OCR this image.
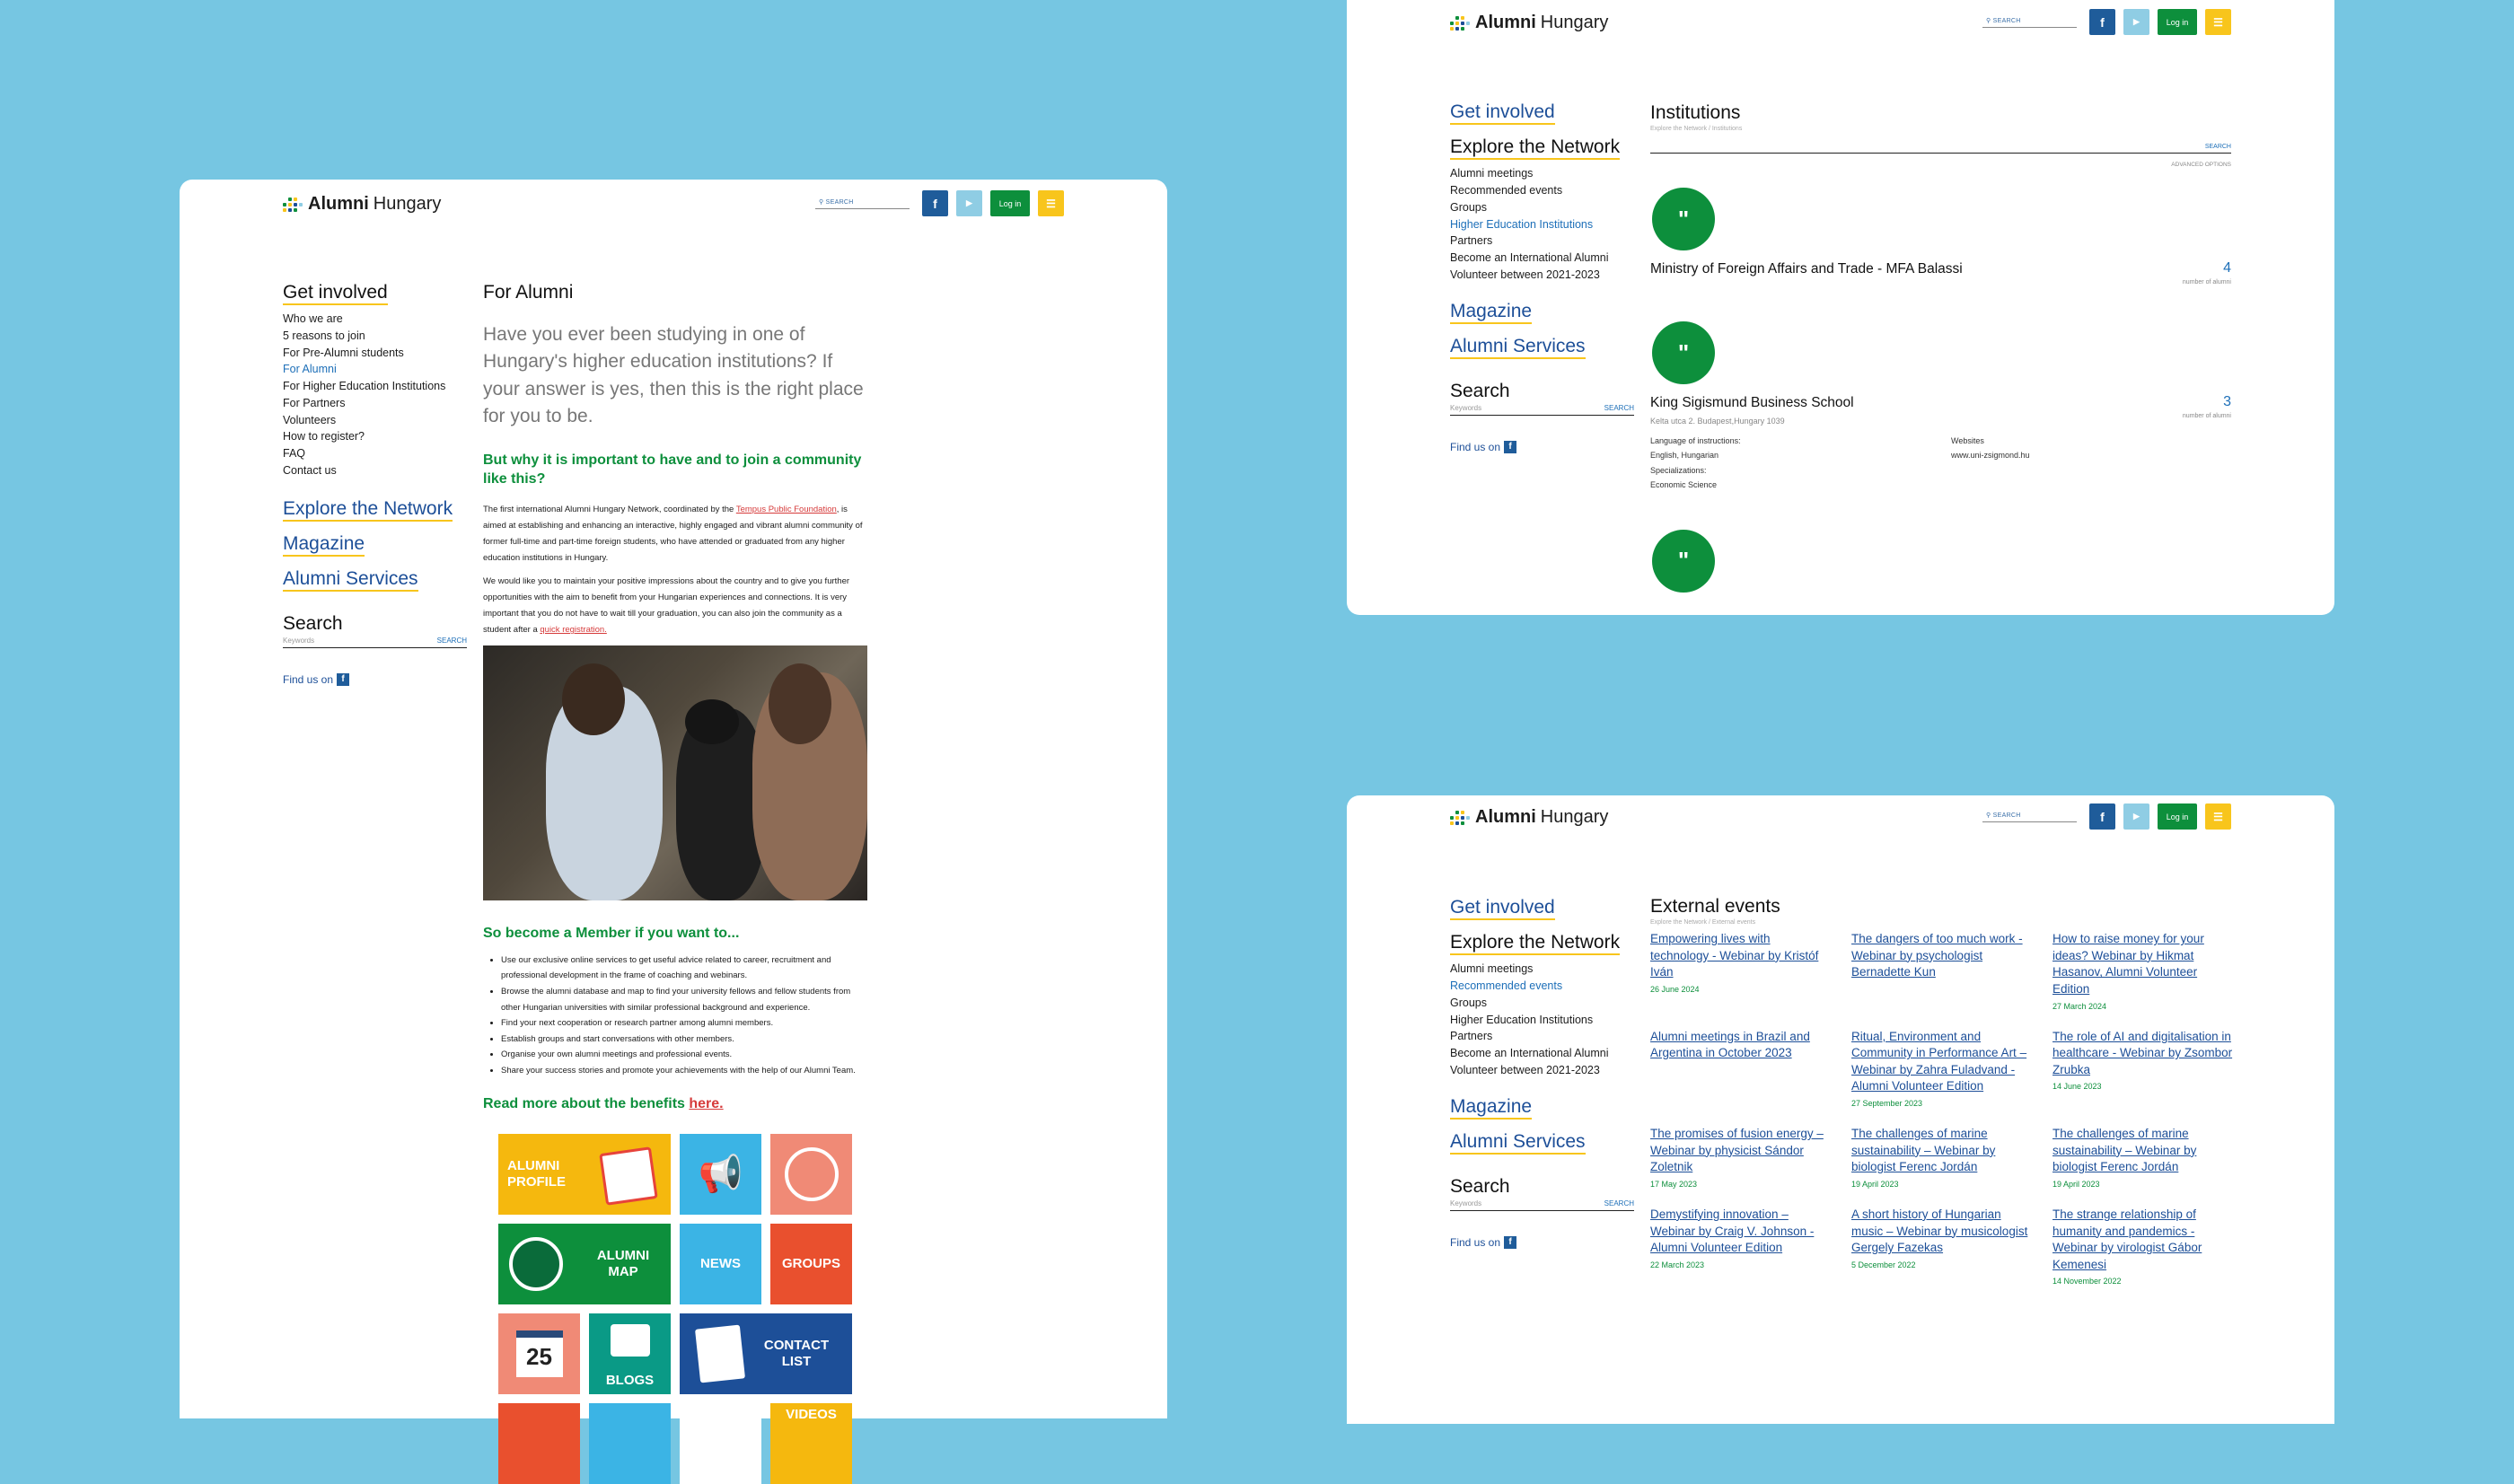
Alumni Hungary	⚲ SEARCH	f	▶	Log in	☰
Get involved
Who we are
5 reasons to join
For Pre-Alumni students
For Alumni
For Higher Education Institutions
For Partners
Volunteers
How to register?
FAQ
Contact us
Explore the Network
Magazine
Alumni Services
Search
Keywords	SEARCH
Find us on f
For Alumni
Have you ever been studying in one of Hungary's higher education institutions? If your answer is yes, then this is the right place for you to be.
But why it is important to have and to join a community like this?

The first international Alumni Hungary Network, coordinated by the Tempus Public Foundation, is aimed at establishing and enhancing an interactive, highly engaged and vibrant alumni community of former full-time and part-time foreign students, who have attended or graduated from any higher education institutions in Hungary.

We would like you to maintain your positive impressions about the country and to give you further opportunities with the aim to benefit from your Hungarian experiences and connections. It is very important that you do not have to wait till your graduation, you can also join the community as a student after a quick registration.

So become a Member if you want to...
• Use our exclusive online services to get useful advice related to career, recruitment and professional development in the frame of coaching and webinars.
• Browse the alumni database and map to find your university fellows and fellow students from other Hungarian universities with similar professional background and experience.
• Find your next cooperation or research partner among alumni members.
• Establish groups and start conversations with other members.
• Organise your own alumni meetings and professional events.
• Share your success stories and promote your achievements with the help of our Alumni Team.
Read more about the benefits here.
ALUMNI PROFILE	📢
ALUMNI MAP
NEWS	GROUPS
25
BLOGS
CONTACT LIST
VIDEOS
Alumni Hungary	⚲ SEARCH	f	▶	Log in	☰
Get involved
Explore the Network
Alumni meetings
Recommended events
Groups
Higher Education Institutions
Partners
Become an International Alumni Volunteer between 2021-2023
Magazine
Alumni Services
Search
Keywords	SEARCH
Find us on f
Institutions
Explore the Network / Institutions
SEARCH
ADVANCED OPTIONS
"
Ministry of Foreign Affairs and Trade - MFA Balassi	4
number of alumni
"
King Sigismund Business School	3
number of alumni
Kelta utca 2. Budapest,Hungary 1039
Language of instructions:
English, Hungarian
Specializations:
Economic Science
Websites
www.uni-zsigmond.hu
"
Alumni Hungary	⚲ SEARCH	f	▶	Log in	☰
Get involved
Explore the Network
Alumni meetings
Recommended events
Groups
Higher Education Institutions
Partners
Become an International Alumni Volunteer between 2021-2023
Magazine
Alumni Services
Search
Keywords	SEARCH
Find us on f
External events
Explore the Network / External events
Empowering lives with technology - Webinar by Kristóf Iván
26 June 2024
The dangers of too much work - Webinar by psychologist Bernadette Kun
How to raise money for your ideas? Webinar by Hikmat Hasanov, Alumni Volunteer Edition
27 March 2024
Alumni meetings in Brazil and Argentina in October 2023
Ritual, Environment and Community in Performance Art – Webinar by Zahra Fuladvand - Alumni Volunteer Edition
27 September 2023
The role of AI and digitalisation in healthcare - Webinar by Zsombor Zrubka
14 June 2023
The promises of fusion energy – Webinar by physicist Sándor Zoletnik
17 May 2023
The challenges of marine sustainability – Webinar by biologist Ferenc Jordán
19 April 2023
The challenges of marine sustainability – Webinar by biologist Ferenc Jordán
19 April 2023
Demystifying innovation – Webinar by Craig V. Johnson - Alumni Volunteer Edition
22 March 2023
A short history of Hungarian music – Webinar by musicologist Gergely Fazekas
5 December 2022
The strange relationship of humanity and pandemics - Webinar by virologist Gábor Kemenesi
14 November 2022
